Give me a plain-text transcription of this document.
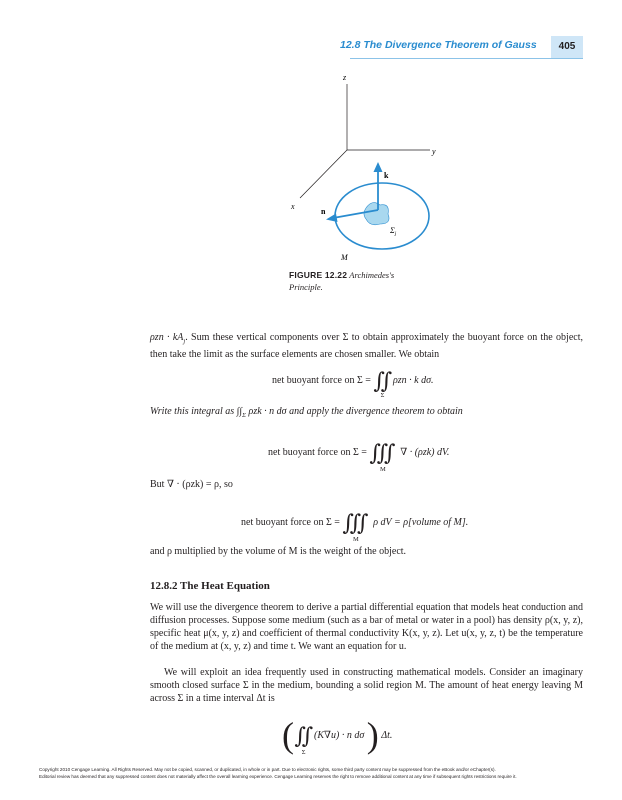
12.8 The Divergence Theorem of Gauss	405
z
y
x
k
n
$\Sigma_j$
M
FIGURE 12.22 Archimedes's Principle.

$\rho zn \cdot kA_j$. Sum these vertical components over Σ to obtain approximately the buoyant force on the object, then take the limit as the surface elements are chosen smaller. We obtain

net buoyant force on Σ = ∬ $_\Sigma$ ρzn · k dσ.

Write this integral as $\int\int_\Sigma$ ρzk · n dσ and apply the divergence theorem to obtain

net buoyant force on Σ = ∭ $_M$ ∇ · (ρzk) dV.

But ∇ · (ρzk) = ρ, so

net buoyant force on Σ = ∭ $_M$ ρ dV = ρ[volume of M].

and ρ multiplied by the volume of M is the weight of the object.

12.8.2 The Heat Equation

We will use the divergence theorem to derive a partial differential equation that models heat conduction and diffusion processes. Suppose some medium (such as a bar of metal or water in a pool) has density ρ(x, y, z), specific heat μ(x, y, z) and coefficient of thermal conductivity K(x, y, z). Let u(x, y, z, t) be the temperature of the medium at (x, y, z) and time t. We want an equation for u.

We will exploit an idea frequently used in constructing mathematical models. Consider an imaginary smooth closed surface Σ in the medium, bounding a solid region M. The amount of heat energy leaving M across Σ in a time interval Δt is

( ∬ $_\Sigma$ (K∇u) · n dσ ) Δt.
Copyright 2010 Cengage Learning. All Rights Reserved. May not be copied, scanned, or duplicated, in whole or in part. Due to electronic rights, some third party content may be suppressed from the eBook and/or eChapter(s).
Editorial review has deemed that any suppressed content does not materially affect the overall learning experience. Cengage Learning reserves the right to remove additional content at any time if subsequent rights restrictions require it.
